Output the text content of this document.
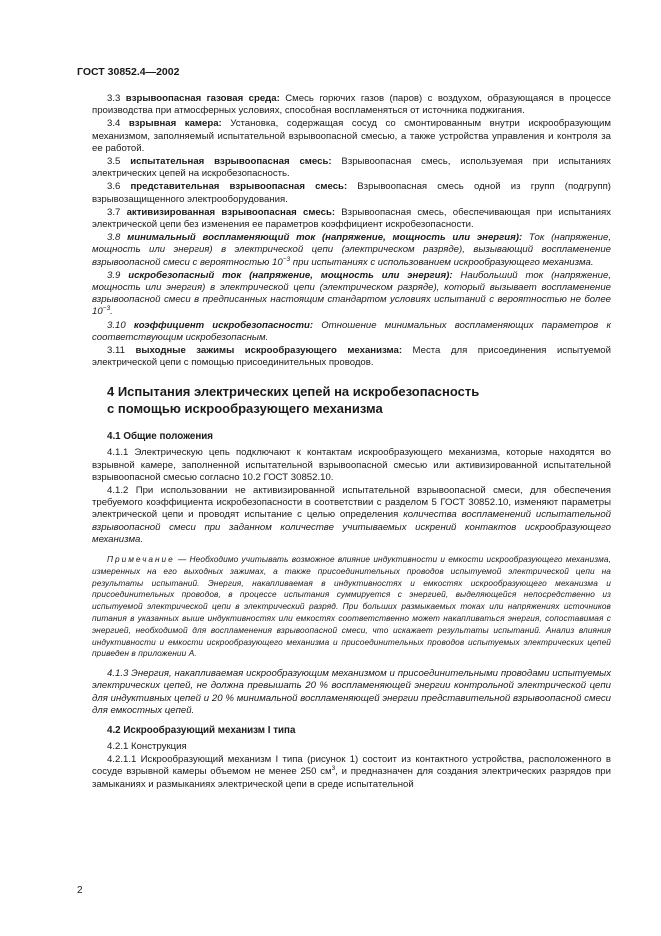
ГОСТ 30852.4—2002

3.3 взрывоопасная газовая среда: Смесь горючих газов (паров) с воздухом, образующаяся в процессе производства при атмосферных условиях, способная воспламеняться от источника поджигания.

3.4 взрывная камера: Установка, содержащая сосуд со смонтированным внутри искрообразующим механизмом, заполняемый испытательной взрывоопасной смесью, а также устройства управления и контроля за ее работой.

3.5 испытательная взрывоопасная смесь: Взрывоопасная смесь, используемая при испытаниях электрических цепей на искробезопасность.

3.6 представительная взрывоопасная смесь: Взрывоопасная смесь одной из групп (подгрупп) взрывозащищенного электрооборудования.

3.7 активизированная взрывоопасная смесь: Взрывоопасная смесь, обеспечивающая при испытаниях электрической цепи без изменения ее параметров коэффициент искробезопасности.

3.8 минимальный воспламеняющий ток (напряжение, мощность или энергия): Ток (напряжение, мощность или энергия) в электрической цепи (электрическом разряде), вызывающий воспламенение взрывоопасной смеси с вероятностью $10^{-3}$ при испытаниях с использованием искрообразующего механизма.

3.9 искробезопасный ток (напряжение, мощность или энергия): Наибольший ток (напряжение, мощность или энергия) в электрической цепи (электрическом разряде), который вызывает воспламенение взрывоопасной смеси в предписанных настоящим стандартом условиях испытаний с вероятностью не более $10^{-3}$.

3.10 коэффициент искробезопасности: Отношение минимальных воспламеняющих параметров к соответствующим искробезопасным.

3.11 выходные зажимы искрообразующего механизма: Места для присоединения испытуемой электрической цепи с помощью присоединительных проводов.

4 Испытания электрических цепей на искробезопасность
с помощью искрообразующего механизма
4.1 Общие положения

4.1.1 Электрическую цепь подключают к контактам искрообразующего механизма, которые находятся во взрывной камере, заполненной испытательной взрывоопасной смесью или активизированной испытательной взрывоопасной смесью согласно 10.2 ГОСТ 30852.10.

4.1.2 При использовании не активизированной испытательной взрывоопасной смеси, для обеспечения требуемого коэффициента искробезопасности в соответствии с разделом 5 ГОСТ 30852.10, изменяют параметры электрической цепи и проводят испытание с целью определения количества воспламенений испытательной взрывоопасной смеси при заданном количестве учитываемых искрений контактов искрообразующего механизма.

Примечание — Необходимо учитывать возможное влияние индуктивности и емкости искрообразующего механизма, измеренных на его выходных зажимах, а также присоединительных проводов испытуемой электрической цепи на результаты испытаний. Энергия, накапливаемая в индуктивностях и емкостях искрообразующего механизма и присоединительных проводов, в процессе испытания суммируется с энергией, выделяющейся непосредственно из испытуемой электрической цепи в электрический разряд. При больших размыкаемых токах или напряжениях источников питания в указанных выше индуктивностях или емкостях соответственно может накапливаться энергия, сопоставимая с энергией, необходимой для воспламенения взрывоопасной смеси, что искажает результаты испытаний. Анализ влияния индуктивности и емкости искрообразующего механизма и присоединительных проводов испытуемых электрических цепей приведен в приложении А.

4.1.3 Энергия, накапливаемая искрообразующим механизмом и присоединительными проводами испытуемых электрических цепей, не должна превышать 20 % воспламеняющей энергии контрольной электрической цепи для индуктивных цепей и 20 % минимальной воспламеняющей энергии представительной взрывоопасной смеси для емкостных цепей.

4.2 Искрообразующий механизм I типа

4.2.1 Конструкция

4.2.1.1 Искрообразующий механизм I типа (рисунок 1) состоит из контактного устройства, расположенного в сосуде взрывной камеры объемом не менее 250 $см^3$, и предназначен для создания электрических разрядов при замыканиях и размыканиях электрической цепи в среде испытательной

2
